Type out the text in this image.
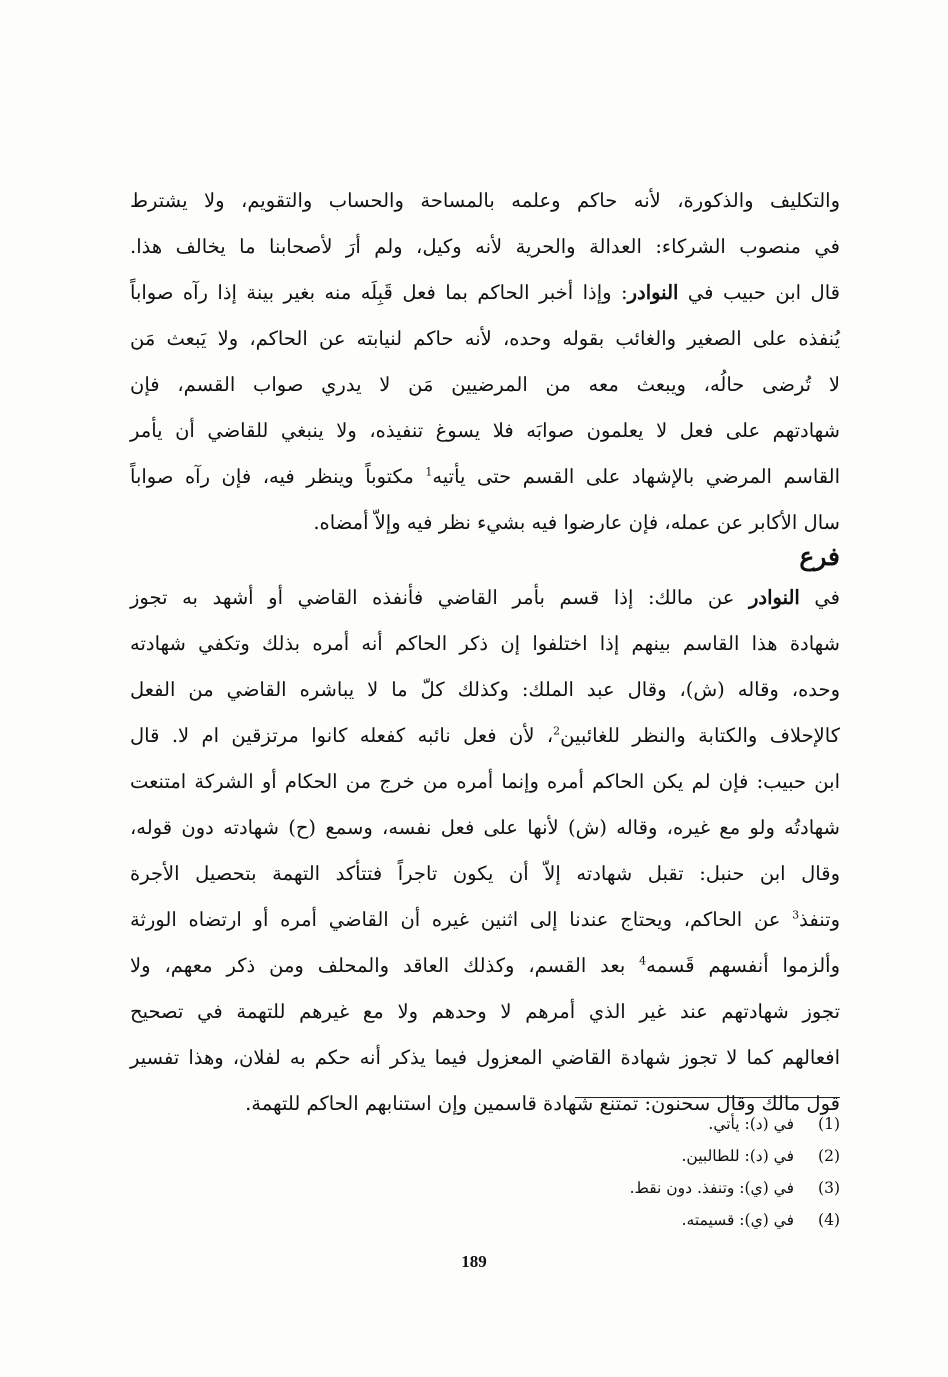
والتكليف والذكورة، لأنه حاكم وعلمه بالمساحة والحساب والتقويم، ولا يشترط
في منصوب الشركاء: العدالة والحرية لأنه وكيل، ولم أرَ لأصحابنا ما يخالف هذا.
قال ابن حبيب في النوادر: وإذا أخبر الحاكم بما فعل قَبِلَه منه بغير بينة إذا رآه صواباً
يُنفذه على الصغير والغائب بقوله وحده، لأنه حاكم لنيابته عن الحاكم، ولا يَبعث مَن
لا تُرضى حالُه، ويبعث معه من المرضيين مَن لا يدري صواب القسم، فإن
شهادتهم على فعل لا يعلمون صوابَه فلا يسوغ تنفيذه، ولا ينبغي للقاضي أن يأمر
القاسم المرضي بالإشهاد على القسم حتى يأتيه$^1$ مكتوباً وينظر فيه، فإن رآه صواباً
سال الأكابر عن عمله، فإن عارضوا فيه بشيء نظر فيه وإلاّ أمضاه.
فرع
في النوادر عن مالك: إذا قسم بأمر القاضي فأنفذه القاضي أو أشهد به تجوز
شهادة هذا القاسم بينهم إذا اختلفوا إن ذكر الحاكم أنه أمره بذلك وتكفي شهادته
وحده، وقاله (ش)، وقال عبد الملك: وكذلك كلّ ما لا يباشره القاضي من الفعل
كالإحلاف والكتابة والنظر للغائبين$^2$، لأن فعل نائبه كفعله كانوا مرتزقين ام لا. قال
ابن حبيب: فإن لم يكن الحاكم أمره وإنما أمره من خرج من الحكام أو الشركة امتنعت
شهادتُه ولو مع غيره، وقاله (ش) لأنها على فعل نفسه، وسمع (ح) شهادته دون قوله،
وقال ابن حنبل: تقبل شهادته إلاّ أن يكون تاجراً فتتأكد التهمة بتحصيل الأجرة
وتنفذ$^3$ عن الحاكم، ويحتاج عندنا إلى اثنين غيره أن القاضي أمره أو ارتضاه الورثة
وألزموا أنفسهم قَسمه$^4$ بعد القسم، وكذلك العاقد والمحلف ومن ذكر معهم، ولا
تجوز شهادتهم عند غير الذي أمرهم لا وحدهم ولا مع غيرهم للتهمة في تصحيح
افعالهم كما لا تجوز شهادة القاضي المعزول فيما يذكر أنه حكم به لفلان، وهذا تفسير
قول مالك وقال سحنون: تمتنع شهادة قاسمين وإن استنابهم الحاكم للتهمة.
(1)
في (د): يأتي.
(2)
في (د): للطالبين.
(3)
في (ي): وتنفذ. دون نقط.
(4)
في (ي): قسيمته.
189
